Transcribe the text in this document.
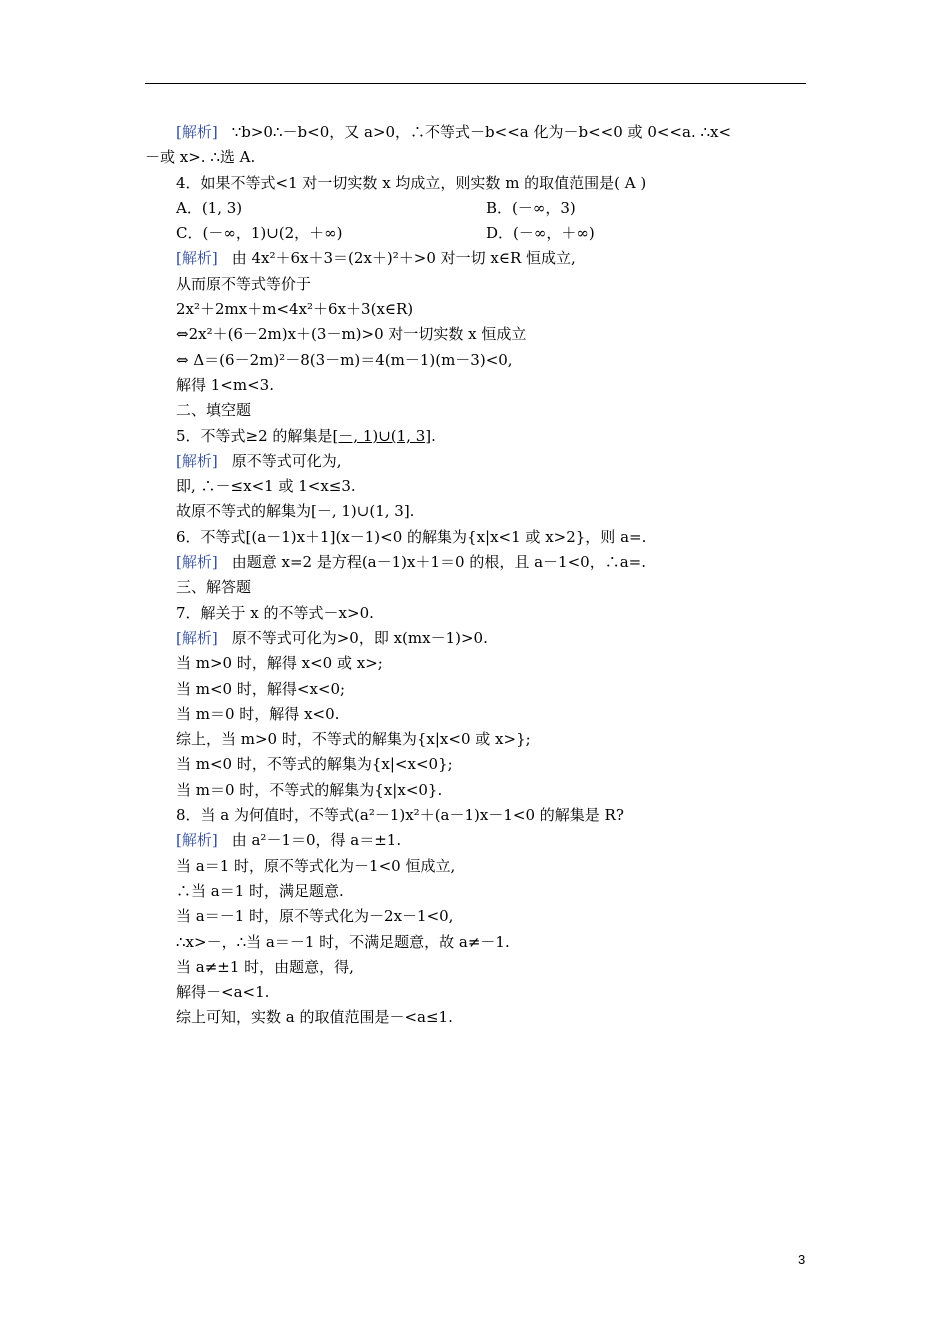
[解析] ∵b>0∴－b<0，又 a>0，∴不等式－b<<a 化为－b<<0 或 0<<a. ∴x<
－或 x>. ∴选 A.
4．如果不等式<1 对一切实数 x 均成立，则实数 m 的取值范围是( A )
A．(1, 3)	B．(－∞，3)
C．(－∞，1)∪(2，＋∞)	D．(－∞，＋∞)
[解析] 由 4x²＋6x＋3＝(2x＋)²＋>0 对一切 x∈R 恒成立,
从而原不等式等价于
2x²＋2mx＋m<4x²＋6x＋3(x∈R)
⇔2x²＋(6－2m)x＋(3－m)>0 对一切实数 x 恒成立
⇔ Δ＝(6－2m)²－8(3－m)＝4(m－1)(m－3)<0,
解得 1<m<3.
二、填空题
5．不等式≥2 的解集是[－, 1)∪(1, 3].
[解析] 原不等式可化为,
即, ∴－≤x<1 或 1<x≤3.
故原不等式的解集为[－, 1)∪(1, 3].
6．不等式[(a－1)x＋1](x－1)<0 的解集为{x|x<1 或 x>2}，则 a=.
[解析] 由题意 x=2 是方程(a－1)x＋1＝0 的根，且 a－1<0，∴a=.
三、解答题
7．解关于 x 的不等式－x>0.
[解析] 原不等式可化为>0，即 x(mx－1)>0.
当 m>0 时，解得 x<0 或 x>;
当 m<0 时，解得<x<0;
当 m＝0 时，解得 x<0.
综上，当 m>0 时，不等式的解集为{x|x<0 或 x>};
当 m<0 时，不等式的解集为{x|<x<0};
当 m＝0 时，不等式的解集为{x|x<0}.
8．当 a 为何值时，不等式(a²－1)x²＋(a－1)x－1<0 的解集是 R?
[解析] 由 a²－1＝0，得 a＝±1.
当 a＝1 时，原不等式化为－1<0 恒成立,
∴当 a＝1 时，满足题意.
当 a＝－1 时，原不等式化为－2x－1<0,
∴x>－，∴当 a＝－1 时，不满足题意，故 a≠－1.
当 a≠±1 时，由题意，得,
解得－<a<1.
综上可知，实数 a 的取值范围是－<a≤1.
3
